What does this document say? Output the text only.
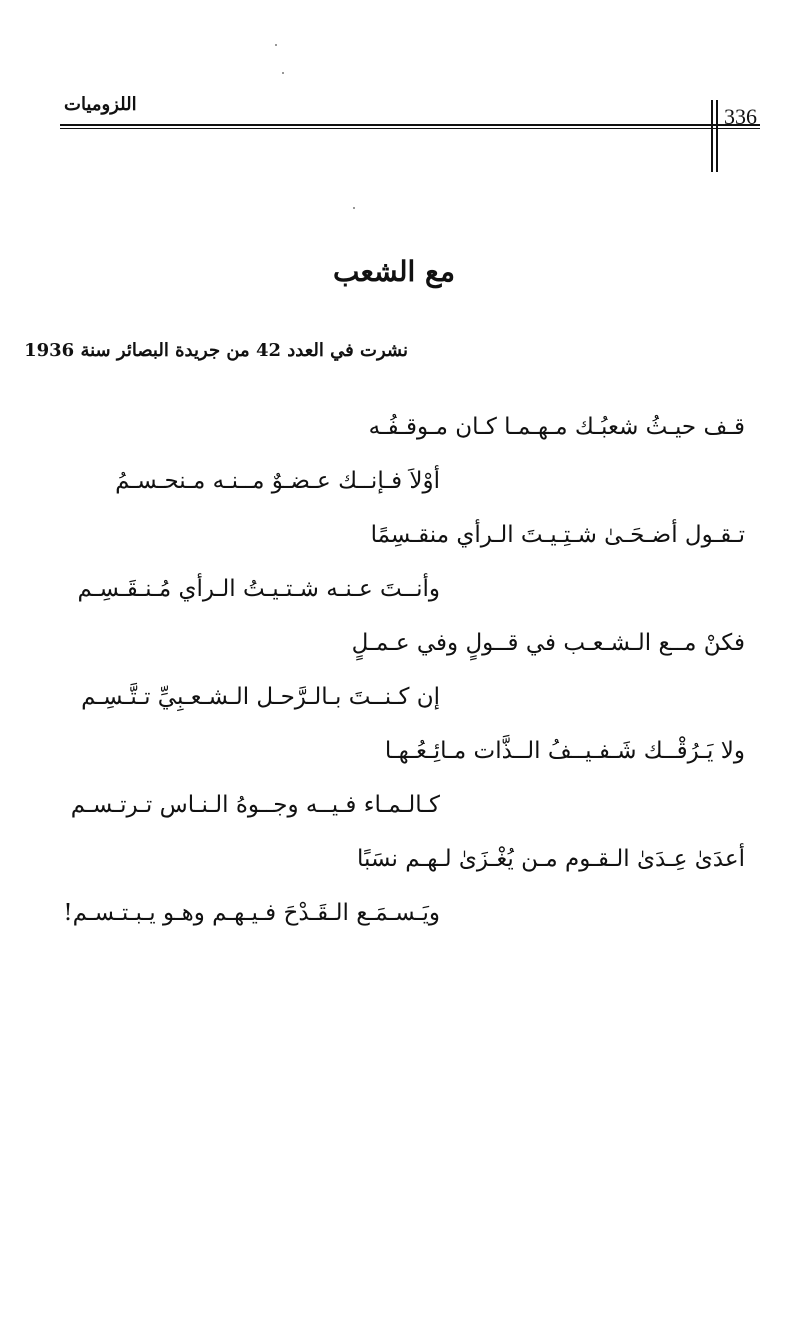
اللزوميات	336
مع الشعب
نشرت في العدد 42 من جريدة البصائر سنة 1936
قـف حيـثُ شعبُـك مـهـمـا كـان مـوقـفُـه
أوْلاَ فـإنــك عـضـوٌ مــنـه مـنحـسـمُ
تـقـول أضـحَـىٰ شـتِـيـتَ الـرأي منقـسِمًا
وأنــتَ عـنـه شـتـيـتُ الـرأي مُـنـقَـسِـم
فكنْ مــع الـشـعـب في قــولٍ وفي عـمـلٍ
إن كـنــتَ بـالـرَّحـل الـشـعـبِيِّ تـتَّـسِـم
ولا يَـرُقْــك شَـفـيــفُ الــذَّات مـائِـعُـهـا
كـالـمـاء فـيــه وجــوهُ الـنـاس تـرتـسـم
أعدَىٰ عِـدَىٰ الـقـوم مـن يُغْـزَىٰ لـهـم نسَبًا
ويَـسـمَـع الـقَـدْحَ فـيـهـم وهـو يـبـتـسـم!
